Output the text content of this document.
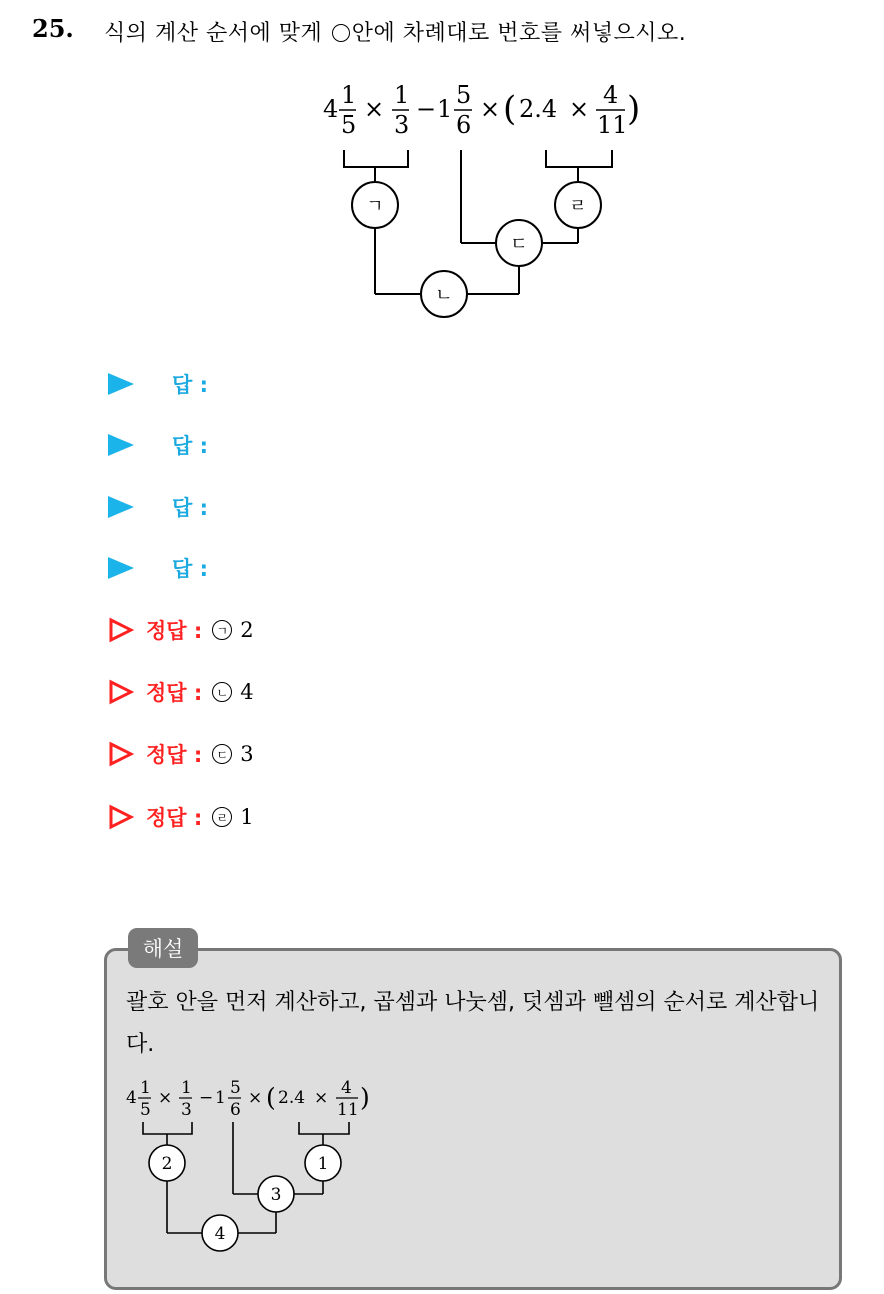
25. 식의 계산 순서에 맞게 안에 차례대로 번호를 써넣으시오.
4 1
5
× 1
3
− 1 5
6
× ( 2.4 × 4
11 )
ㄱ	ㄹ
ㄷ
ㄴ
답 :
답 :
답 :
답 :
정답 :	ㄱ 2
정답 :	ㄴ 4
정답 :	ㄷ 3
정답 :	ㄹ 1
해설
괄호 안을 먼저 계산하고, 곱셈과 나눗셈, 덧셈과 뺄셈의 순서로 계산합니다.
4 1
5
× 1
3
− 1 5
6
× ( 2.4 × 4
11 )
2	1
3
4
